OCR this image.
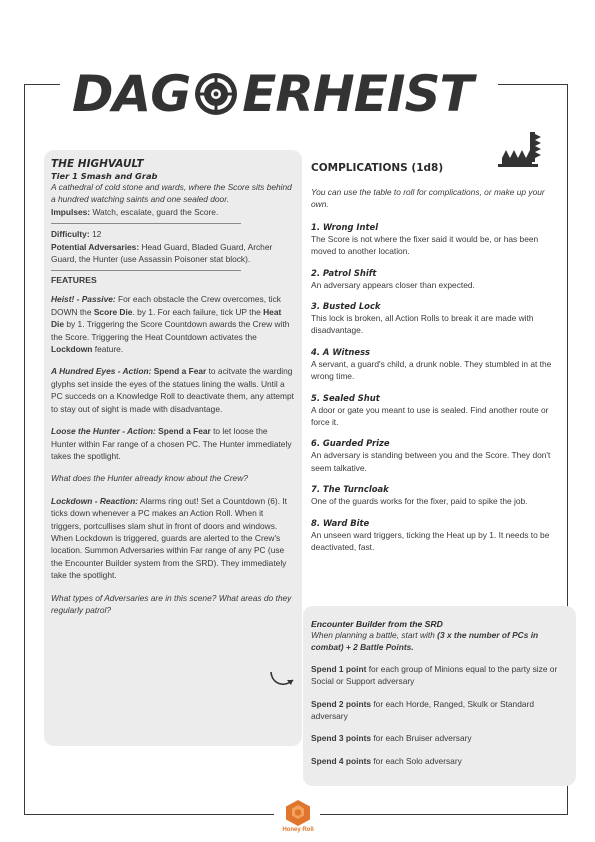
DAG ERHEIST
THE HIGHVAULT
Tier 1 Smash and Grab
A cathedral of cold stone and wards, where the Score sits behind a hundred watching saints and one sealed door.
Impulses: Watch, escalate, guard the Score.
Difficulty: 12
Potential Adversaries: Head Guard, Bladed Guard, Archer Guard, the Hunter (use Assassin Poisoner stat block).
FEATURES
Heist! - Passive: For each obstacle the Crew overcomes, tick DOWN the Score Die. by 1. For each failure, tick UP the Heat Die by 1. Triggering the Score Countdown awards the Crew with the Score. Triggering the Heat Countdown activates the Lockdown feature.
A Hundred Eyes - Action: Spend a Fear to acitvate the warding glyphs set inside the eyes of the statues lining the walls. Until a PC succeds on a Knowledge Roll to deactivate them, any attempt to stay out of sight is made with disadvantage.
Loose the Hunter - Action: Spend a Fear to let loose the Hunter within Far range of a chosen PC. The Hunter immediately takes the spotlight.
What does the Hunter already know about the Crew?
Lockdown - Reaction: Alarms ring out! Set a Countdown (6). It ticks down whenever a PC makes an Action Roll. When it triggers, portcullises slam shut in front of doors and windows. When Lockdown is triggered, guards are alerted to the Crew's location. Summon Adversaries within Far range of any PC (use the Encounter Builder system from the SRD). They immediately take the spotlight.
What types of Adversaries are in this scene? What areas do they regularly patrol?
COMPLICATIONS (1d8)
You can use the table to roll for complications, or make up your own.
1. Wrong Intel
The Score is not where the fixer said it would be, or has been moved to another location.
2. Patrol Shift
An adversary appears closer than expected.
3. Busted Lock
This lock is broken, all Action Rolls to break it are made with disadvantage.
4. A Witness
A servant, a guard's child, a drunk noble. They stumbled in at the wrong time.
5. Sealed Shut
A door or gate you meant to use is sealed. Find another route or force it.
6. Guarded Prize
An adversary is standing between you and the Score. They don't seem talkative.
7. The Turncloak
One of the guards works for the fixer, paid to spike the job.
8. Ward Bite
An unseen ward triggers, ticking the Heat up by 1. It needs to be deactivated, fast.
Encounter Builder from the SRD
When planning a battle, start with (3 x the number of PCs in combat) + 2 Battle Points.
Spend 1 point for each group of Minions equal to the party size or Social or Support adversary
Spend 2 points for each Horde, Ranged, Skulk or Standard adversary
Spend 3 points for each Bruiser adversary
Spend 4 points for each Solo adversary
Honey Roll
